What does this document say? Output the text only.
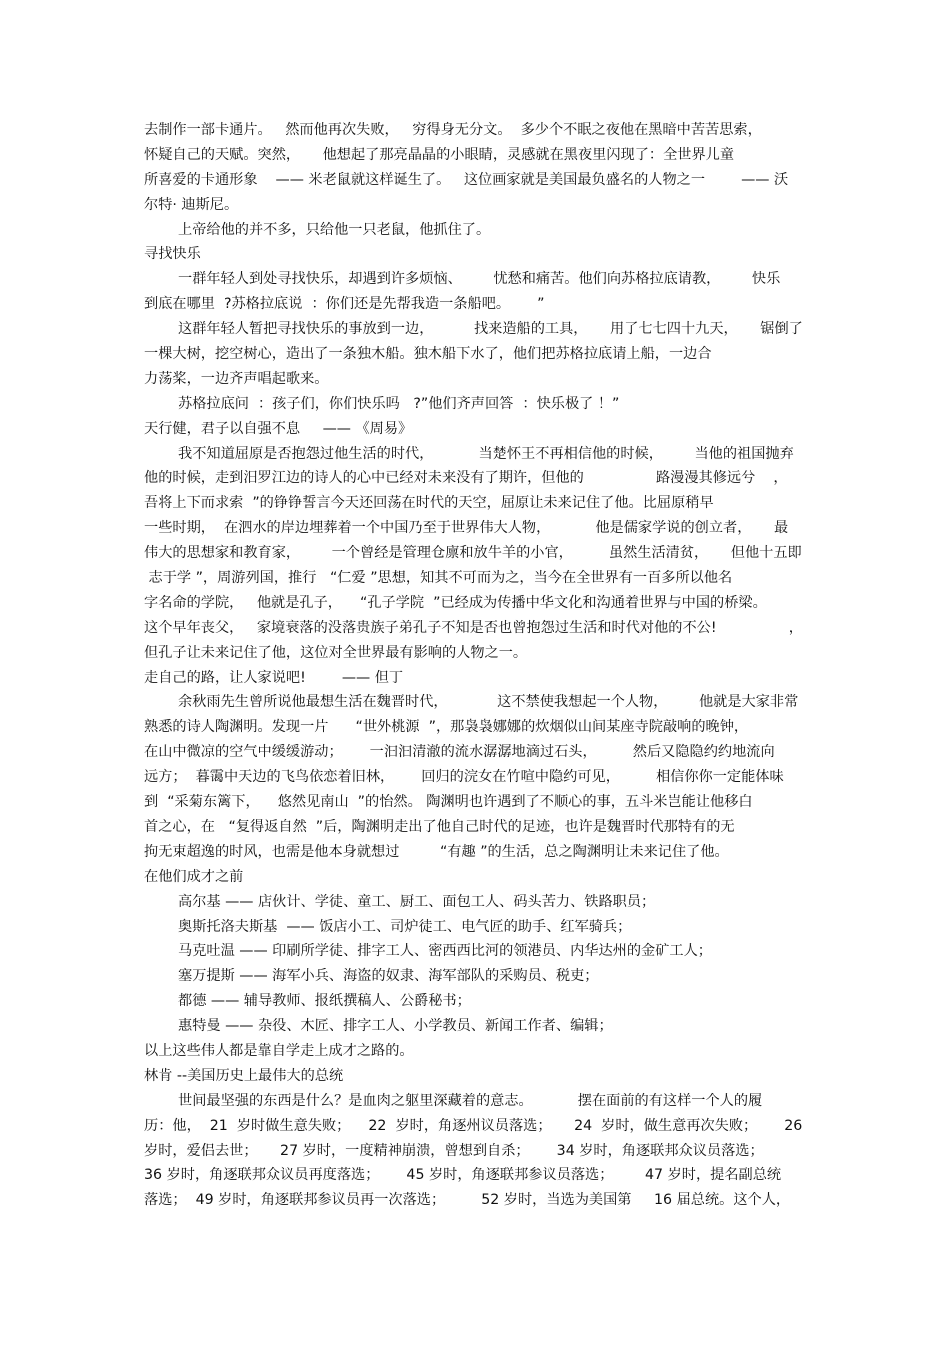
去制作一部卡通片。   然而他再次失败，   穷得身无分文。  多少个不眠之夜他在黑暗中苦苦思索，
怀疑自己的天赋。突然，     他想起了那亮晶晶的小眼睛，灵感就在黑夜里闪现了：全世界儿童
所喜爱的卡通形象    —— 米老鼠就这样诞生了。   这位画家就是美国最负盛名的人物之一        —— 沃
尔特· 迪斯尼。
上帝给他的并不多，只给他一只老鼠，他抓住了。
寻找快乐
一群年轻人到处寻找快乐，却遇到许多烦恼、       忧愁和痛苦。他们向苏格拉底请教，       快乐
到底在哪里  ?苏格拉底说  ：你们还是先帮我造一条船吧。      ”
这群年轻人暂把寻找快乐的事放到一边，         找来造船的工具，     用了七七四十九天，     锯倒了
一棵大树，挖空树心，造出了一条独木船。独木船下水了，他们把苏格拉底请上船，一边合
力荡桨，一边齐声唱起歌来。
苏格拉底问  ：孩子们，你们快乐吗   ?”他们齐声回答  ：快乐极了 ！”
天行健，君子以自强不息     —— 《周易》
我不知道屈原是否抱怨过他生活的时代，          当楚怀王不再相信他的时候，       当他的祖国抛弃
他的时候，走到汨罗江边的诗人的心中已经对未来没有了期许，但他的                路漫漫其修远兮    ，
吾将上下而求索  ”的铮铮誓言今天还回荡在时代的天空，屈原让未来记住了他。比屈原稍早
一些时期，  在泗水的岸边埋葬着一个中国乃至于世界伟大人物，          他是儒家学说的创立者，     最
伟大的思想家和教育家，       一个曾经是管理仓廪和放牛羊的小官，        虽然生活清贫，     但他十五即
志于学 ”，周游列国，推行   “仁爱 ”思想，知其不可而为之，当今在全世界有一百多所以他名
字名命的学院，   他就是孔子，    “孔子学院  ”已经成为传播中华文化和沟通着世界与中国的桥梁。
这个早年丧父，   家境衰落的没落贵族子弟孔子不知是否也曾抱怨过生活和时代对他的不公!                ，
但孔子让未来记住了他，这位对全世界最有影响的人物之一。
走自己的路，让人家说吧!        —— 但丁
余秋雨先生曾所说他最想生活在魏晋时代，           这不禁使我想起一个人物，       他就是大家非常
熟悉的诗人陶渊明。发现一片      “世外桃源  ”，那袅袅娜娜的炊烟似山间某座寺院敲响的晚钟，
在山中微凉的空气中缓缓游动；      一汩汩清澈的流水潺潺地滴过石头，        然后又隐隐约约地流向
远方；  暮霭中天边的飞鸟依恋着旧林，      回归的浣女在竹喧中隐约可见，        相信你你一定能体味
到  “采菊东篱下，    悠然见南山  ”的怡然。 陶渊明也许遇到了不顺心的事，五斗米岂能让他移白
首之心，在   “复得返自然  ”后，陶渊明走出了他自己时代的足迹，也许是魏晋时代那特有的无
拘无束超逸的时风，也需是他本身就想过         “有趣 ”的生活，总之陶渊明让未来记住了他。
在他们成才之前
高尔基 —— 店伙计、学徒、童工、厨工、面包工人、码头苦力、铁路职员；
奥斯托洛夫斯基  —— 饭店小工、司炉徒工、电气匠的助手、红军骑兵；
马克吐温 —— 印刷所学徒、排字工人、密西西比河的领港员、内华达州的金矿工人；
塞万提斯 —— 海军小兵、海盗的奴隶、海军部队的采购员、税吏；
都德 —— 辅导教师、报纸撰稿人、公爵秘书；
惠特曼 —— 杂役、木匠、排字工人、小学教员、新闻工作者、编辑；
以上这些伟人都是靠自学走上成才之路的。
林肯 --美国历史上最伟大的总统
世间最坚强的东西是什么？是血肉之躯里深藏着的意志。          摆在面前的有这样一个人的履
历：他，  21  岁时做生意失败；    22  岁时，角逐州议员落选；     24  岁时，做生意再次失败；      26
岁时，爱侣去世；     27 岁时，一度精神崩溃，曾想到自杀；      34 岁时，角逐联邦众议员落选；
36 岁时，角逐联邦众议员再度落选；      45 岁时，角逐联邦参议员落选；       47 岁时，提名副总统
落选；  49 岁时，角逐联邦参议员再一次落选；        52 岁时，当选为美国第     16 届总统。这个人，
